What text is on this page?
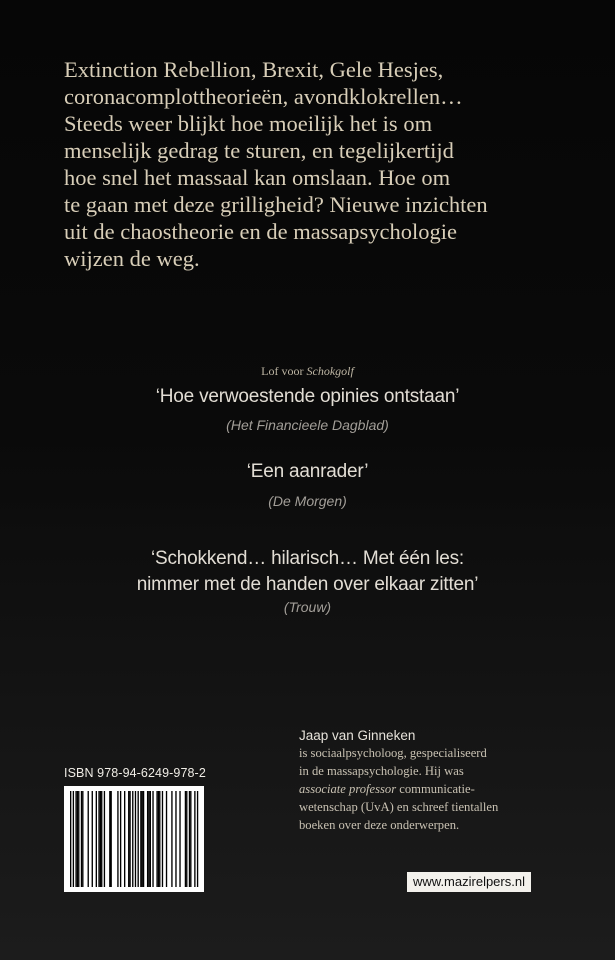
Extinction Rebellion, Brexit, Gele Hesjes,
coronacomplottheorieën, avondklokrellen…
Steeds weer blijkt hoe moeilijk het is om
menselijk gedrag te sturen, en tegelijkertijd
hoe snel het massaal kan omslaan. Hoe om
te gaan met deze grilligheid? Nieuwe inzichten
uit de chaostheorie en de massapsychologie
wijzen de weg.
Lof voor Schokgolf
‘Hoe verwoestende opinies ontstaan’
(Het Financieele Dagblad)
‘Een aanrader’
(De Morgen)
‘Schokkend… hilarisch… Met één les:
nimmer met de handen over elkaar zitten’
(Trouw)
Jaap van Ginneken
is sociaalpsycholoog, gespecialiseerd
in de massapsychologie. Hij was
associate professor communicatie-
wetenschap (UvA) en schreef tientallen
boeken over deze onderwerpen.
ISBN 978-94-6249-978-2
www.mazirelpers.nl
